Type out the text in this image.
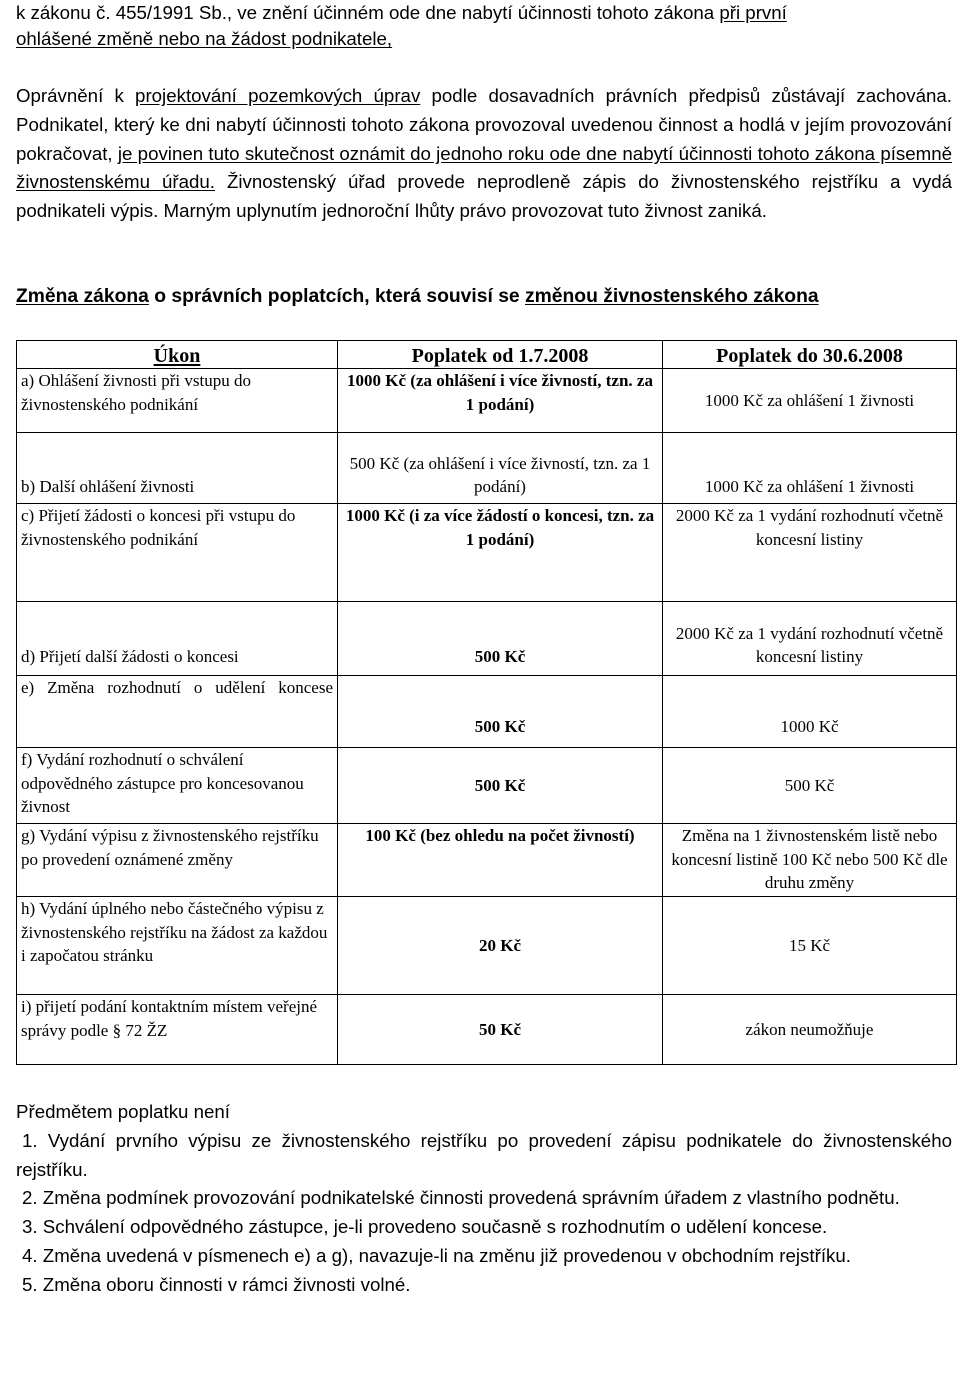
k zákonu č. 455/1991 Sb., ve znění účinném ode dne nabytí účinnosti tohoto zákona při první
ohlášené změně nebo na žádost podnikatele,

Oprávnění k projektování pozemkových úprav podle dosavadních právních předpisů zůstávají zachována. Podnikatel, který ke dni nabytí účinnosti tohoto zákona provozoval uvedenou činnost a hodlá v jejím provozování pokračovat, je povinen tuto skutečnost oznámit do jednoho roku ode dne nabytí účinnosti tohoto zákona písemně živnostenskému úřadu. Živnostenský úřad provede neprodleně zápis do živnostenského rejstříku a vydá podnikateli výpis. Marným uplynutím jednoroční lhůty právo provozovat tuto živnost zaniká.

Změna zákona o správních poplatcích, která souvisí se změnou živnostenského zákona
Úkon	Poplatek od 1.7.2008	Poplatek do 30.6.2008
a) Ohlášení živnosti při vstupu do živnostenského podnikání	1000 Kč (za ohlášení i více živností, tzn. za 1 podání)	1000 Kč za ohlášení 1 živnosti
b) Další ohlášení živnosti	500 Kč (za ohlášení i více živností, tzn. za 1 podání)	1000 Kč za ohlášení 1 živnosti
c) Přijetí žádosti o koncesi při vstupu do živnostenského podnikání	1000 Kč (i za více žádostí o koncesi, tzn. za 1 podání)	2000 Kč za 1 vydání rozhodnutí včetně koncesní listiny
d) Přijetí další žádosti o koncesi	500 Kč	2000 Kč za 1 vydání rozhodnutí včetně koncesní listiny
e) Změna rozhodnutí o udělení koncese	500 Kč	1000 Kč
f) Vydání rozhodnutí o schválení odpovědného zástupce pro koncesovanou živnost	500 Kč	500 Kč
g) Vydání výpisu z živnostenského rejstříku po provedení oznámené změny	100 Kč (bez ohledu na počet živností)	Změna na 1 živnostenském listě nebo koncesní listině 100 Kč nebo 500 Kč dle druhu změny
h) Vydání úplného nebo částečného výpisu z živnostenského rejstříku na žádost za každou i započatou stránku	20 Kč	15 Kč
i) přijetí podání kontaktním místem veřejné správy podle § 72 ŽZ	50 Kč	zákon neumožňuje
Předmětem poplatku není
1. Vydání prvního výpisu ze živnostenského rejstříku po provedení zápisu podnikatele do živnostenského rejstříku.
2. Změna podmínek provozování podnikatelské činnosti provedená správním úřadem z vlastního podnětu.
3. Schválení odpovědného zástupce, je-li provedeno současně s rozhodnutím o udělení koncese.
4. Změna uvedená v písmenech e) a g), navazuje-li na změnu již provedenou v obchodním rejstříku.
5. Změna oboru činnosti v rámci živnosti volné.
